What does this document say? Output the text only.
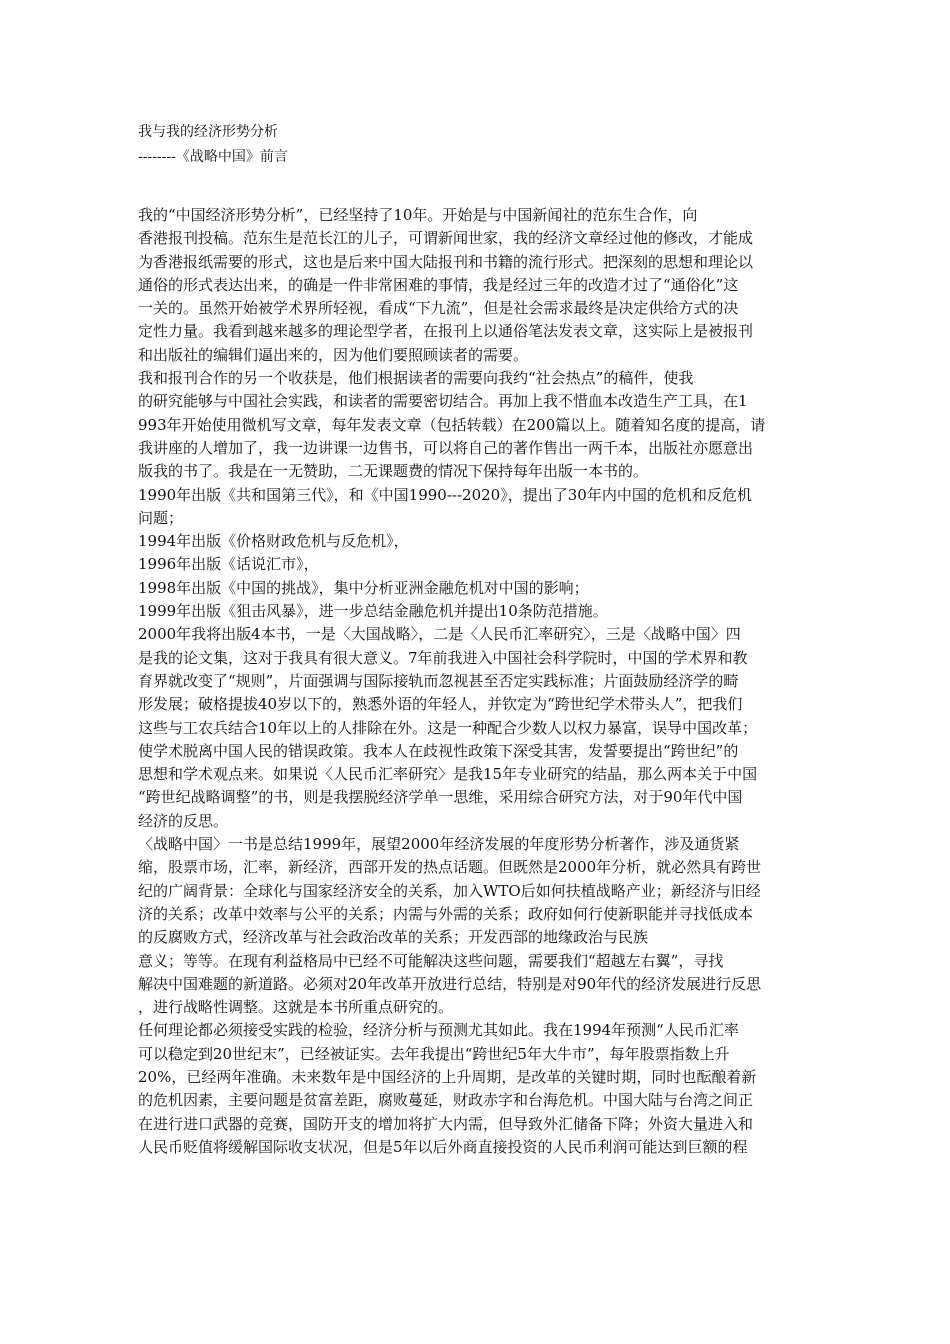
我与我的经济形势分析
--------《战略中国》前言
我的“中国经济形势分析”，已经坚持了10年。开始是与中国新闻社的范东生合作，向
香港报刊投稿。范东生是范长江的儿子，可谓新闻世家，我的经济文章经过他的修改，才能成
为香港报纸需要的形式，这也是后来中国大陆报刊和书籍的流行形式。把深刻的思想和理论以
通俗的形式表达出来，的确是一件非常困难的事情，我是经过三年的改造才过了“通俗化”这
一关的。虽然开始被学术界所轻视，看成“下九流”，但是社会需求最终是决定供给方式的决
定性力量。我看到越来越多的理论型学者，在报刊上以通俗笔法发表文章，这实际上是被报刊
和出版社的编辑们逼出来的，因为他们要照顾读者的需要。
我和报刊合作的另一个收获是，他们根据读者的需要向我约“社会热点”的稿件，使我
的研究能够与中国社会实践，和读者的需要密切结合。再加上我不惜血本改造生产工具，在1
993年开始使用微机写文章，每年发表文章（包括转载）在200篇以上。随着知名度的提高，请
我讲座的人增加了，我一边讲课一边售书，可以将自己的著作售出一两千本，出版社亦愿意出
版我的书了。我是在一无赞助，二无课题费的情况下保持每年出版一本书的。
1990年出版《共和国第三代》，和《中国1990---2020》，提出了30年内中国的危机和反危机
问题；
1994年出版《价格财政危机与反危机》，
1996年出版《话说汇市》，
1998年出版《中国的挑战》，集中分析亚洲金融危机对中国的影响；
1999年出版《狙击风暴》，进一步总结金融危机并提出10条防范措施。
2000年我将出版4本书，一是〈大国战略〉，二是〈人民币汇率研究〉，三是〈战略中国〉四
是我的论文集，这对于我具有很大意义。7年前我进入中国社会科学院时，中国的学术界和教
育界就改变了“规则”，片面强调与国际接轨而忽视甚至否定实践标准；片面鼓励经济学的畸
形发展；破格提拔40岁以下的，熟悉外语的年轻人，并钦定为“跨世纪学术带头人”，把我们
这些与工农兵结合10年以上的人排除在外。这是一种配合少数人以权力暴富，误导中国改革；
使学术脱离中国人民的错误政策。我本人在歧视性政策下深受其害，发誓要提出“跨世纪”的
思想和学术观点来。如果说〈人民币汇率研究〉是我15年专业研究的结晶，那么两本关于中国
“跨世纪战略调整”的书，则是我摆脱经济学单一思维，采用综合研究方法，对于90年代中国
经济的反思。
〈战略中国〉一书是总结1999年，展望2000年经济发展的年度形势分析著作，涉及通货紧
缩，股票市场，汇率，新经济，西部开发的热点话题。但既然是2000年分析，就必然具有跨世
纪的广阔背景：全球化与国家经济安全的关系，加入WTO后如何扶植战略产业；新经济与旧经
济的关系；改革中效率与公平的关系；内需与外需的关系；政府如何行使新职能并寻找低成本
的反腐败方式，经济改革与社会政治改革的关系；开发西部的地缘政治与民族
意义；等等。在现有利益格局中已经不可能解决这些问题，需要我们“超越左右翼”，寻找
解决中国难题的新道路。必须对20年改革开放进行总结，特别是对90年代的经济发展进行反思
，进行战略性调整。这就是本书所重点研究的。
任何理论都必须接受实践的检验，经济分析与预测尤其如此。我在1994年预测“人民币汇率
可以稳定到20世纪末”，已经被证实。去年我提出“跨世纪5年大牛市”，每年股票指数上升
20%，已经两年准确。未来数年是中国经济的上升周期，是改革的关键时期，同时也酝酿着新
的危机因素，主要问题是贫富差距，腐败蔓延，财政赤字和台海危机。中国大陆与台湾之间正
在进行进口武器的竞赛，国防开支的增加将扩大内需，但导致外汇储备下降；外资大量进入和
人民币贬值将缓解国际收支状况，但是5年以后外商直接投资的人民币利润可能达到巨额的程
